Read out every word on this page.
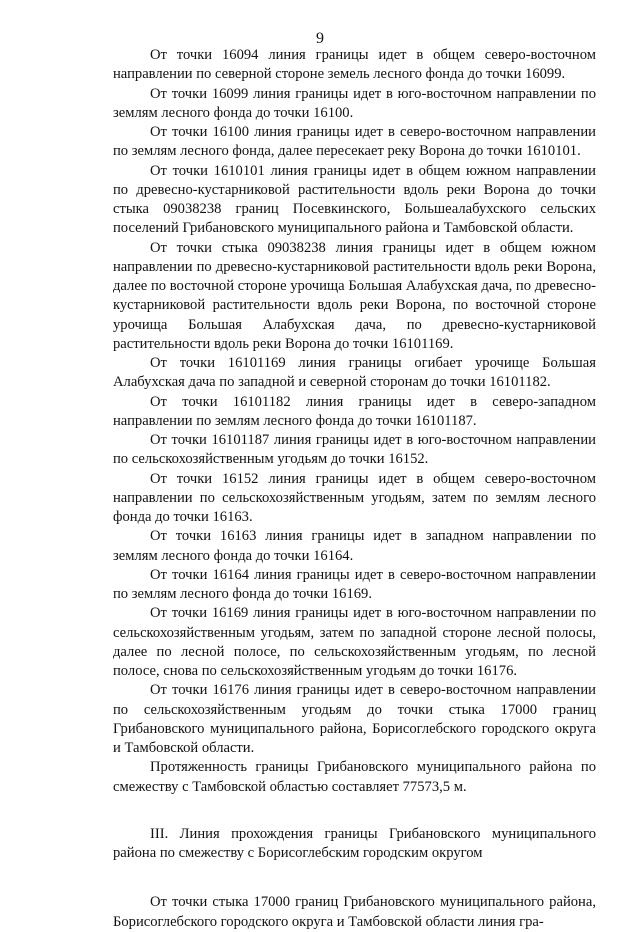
9

От точки 16094 линия границы идет в общем северо-восточном направлении по северной стороне земель лесного фонда до точки 16099.

От точки 16099 линия границы идет в юго-восточном направлении по землям лесного фонда до точки 16100.

От точки 16100 линия границы идет в северо-восточном направлении по землям лесного фонда, далее пересекает реку Ворона до точки 1610101.

От точки 1610101 линия границы идет в общем южном направлении по древесно-кустарниковой растительности вдоль реки Ворона до точки стыка 09038238 границ Посевкинского, Большеалабухского сельских поселений Грибановского муниципального района и Тамбовской области.

От точки стыка 09038238 линия границы идет в общем южном направлении по древесно-кустарниковой растительности вдоль реки Ворона, далее по восточной стороне урочища Большая Алабухская дача, по древесно-кустарниковой растительности вдоль реки Ворона, по восточной стороне урочища Большая Алабухская дача, по древесно-кустарниковой растительности вдоль реки Ворона до точки 16101169.

От точки 16101169 линия границы огибает урочище Большая Алабухская дача по западной и северной сторонам до точки 16101182.

От точки 16101182 линия границы идет в северо-западном направлении по землям лесного фонда до точки 16101187.

От точки 16101187 линия границы идет в юго-восточном направлении по сельскохозяйственным угодьям до точки 16152.

От точки 16152 линия границы идет в общем северо-восточном направлении по сельскохозяйственным угодьям, затем по землям лесного фонда до точки 16163.

От точки 16163 линия границы идет в западном направлении по землям лесного фонда до точки 16164.

От точки 16164 линия границы идет в северо-восточном направлении по землям лесного фонда до точки 16169.

От точки 16169 линия границы идет в юго-восточном направлении по сельскохозяйственным угодьям, затем по западной стороне лесной полосы, далее по лесной полосе, по сельскохозяйственным угодьям, по лесной полосе, снова по сельскохозяйственным угодьям до точки 16176.

От точки 16176 линия границы идет в северо-восточном направлении по сельскохозяйственным угодьям до точки стыка 17000 границ Грибановского муниципального района, Борисоглебского городского округа и Тамбовской области.

Протяженность границы Грибановского муниципального района по смежеству с Тамбовской областью составляет 77573,5 м.

III. Линия прохождения границы Грибановского муниципального района по смежеству с Борисоглебским городским округом

От точки стыка 17000 границ Грибановского муниципального района, Борисоглебского городского округа и Тамбовской области линия гра-
